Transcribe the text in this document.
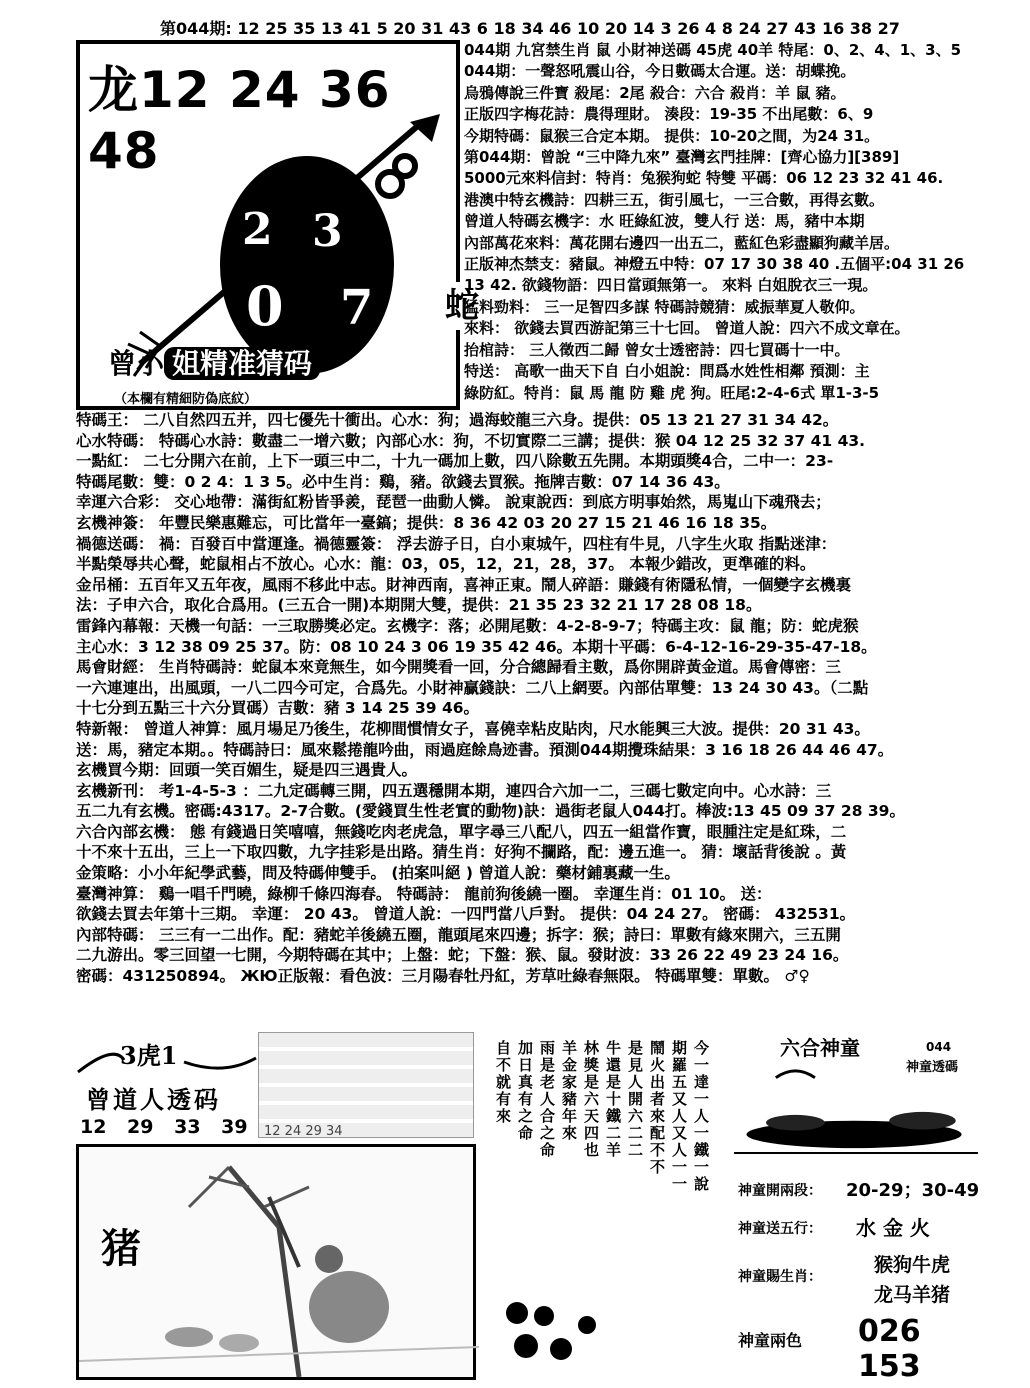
第044期: 12 25 35 13 41 5 20 31 43 6 18 34 46 10 20 14 3 26 4 8 24 27 43 16 38 27
龙12 24 36 48
蛇
2 3
0 7
曾小 姐精准猜码
（本欄有精細防偽底紋）
044期 九宮禁生肖 鼠 小財神送碼 45虎 40羊 特尾：0、2、4、1、3、5
044期：一聲怒吼震山谷，今日數碼太合運。送：胡蝶挽。
烏鴉傳說三件寶 殺尾：2尾 殺合：六合 殺肖：羊 鼠 豬。
正版四字梅花詩：農得理財。 湊段：19-35 不出尾數：6、9
今期特碼：鼠猴三合定本期。 提供：10-20之間，为24 31。
第044期：曾說 “三中降九來” 臺灣玄門挂牌：[齊心協力][389]
5000元來料信封：特肖：兔猴狗蛇 特雙 平碼：06 12 23 32 41 46.
港澳中特玄機詩：四耕三五，街引風七，一三合數，再得玄數。
曾道人特碼玄機字：水 旺綠紅波，雙人行 送：馬，豬中本期
內部萬花來料：萬花開右邊四一出五二，藍紅色彩盡顯狗藏羊居。
正版神杰禁支：豬鼠。神燈五中特：07 17 30 38 40 .五個平:04 31 26
13 42. 欲錢物語：四日當頭無第一。 來料 白姐脫衣三一現。
猛料勁料： 三一足智四多謀 特碼詩競猜：威振華夏人敬仰。
來料： 欲錢去買西游記第三十七回。 曾道人說：四六不成文章在。
抬棺詩： 三人徵西二歸 曾女士透密詩：四七買碼十一中。
特送： 高歌一曲天下自 白小姐說：問爲水姓性相鄰 預測：主
綠防紅。特肖：鼠 馬 龍 防 雞 虎 狗。旺尾:2-4-6式 單1-3-5
特碼王： 二八自然四五并，四七優先十衝出。心水：狗；過海蛟龍三六身。提供：05 13 21 27 31 34 42。
心水特碼： 特碼心水詩：數盡二一增六數；內部心水：狗，不切實際二三講；提供：猴 04 12 25 32 37 41 43.
一點紅： 二七分開六在前，上下一頭三中二，十九一碼加上數，四八除數五先開。本期頭獎4合，二中一：23-
特碼尾數：雙：0 2 4：1 3 5。必中生肖：鷄，豬。欲錢去買猴。拖牌吉數：07 14 36 43。
幸運六合彩： 交心地帶：滿街紅粉皆爭羨，琵琶一曲動人憐。 說東說西：到底方明事始然，馬嵬山下魂飛去；
玄機神簽： 年豐民樂惠難忘，可比當年一臺鎬；提供：8 36 42 03 20 27 15 21 46 16 18 35。
禍德送碼： 禍：百發百中當運逢。禍德靈簽： 浮去游子日，白小東城午，四柱有牛見，八字生火取 指點迷津：
半點榮辱共心聲，蛇鼠相占不放心。心水：龍：03，05，12，21，28，37。 本報少錯改，更準確的料。
金吊桶：五百年又五年夜，風雨不移此中志。財神西南，喜神正東。鬧人碎語：賺錢有術隱私情，一個變字玄機裏
法：子申六合，取化合爲用。(三五合一開)本期開大雙，提供：21 35 23 32 21 17 28 08 18。
雷鋒內幕報：天機一句話：一三取勝獎必定。玄機字：落；必開尾數：4-2-8-9-7；特碼主攻：鼠 龍；防：蛇虎猴
主心水：3 12 38 09 25 37。防：08 10 24 3 06 19 35 42 46。本期十平碼：6-4-12-16-29-35-47-18。
馬會財經： 生肖特碼詩：蛇鼠本來竟無生，如今開獎看一回，分合總歸看主數，爲你開辟黃金道。馬會傳密：三
一六連連出，出風頭，一八二四今可定，合爲先。小財神贏錢訣：二八上網要。內部估單雙：13 24 30 43。（二點
十七分到五點三十六分買碼）吉數：豬 3 14 25 39 46。
特新報： 曾道人神算：風月場足乃後生，花柳間慣情女子，喜僥幸粘皮貼肉，尺水能興三大波。提供：20 31 43。
送：馬，豬定本期。。特碼詩曰：風來鬆捲龍吟曲，雨過庭餘鳥迹書。預測044期攪珠結果：3 16 18 26 44 46 47。
玄機買今期：回頭一笑百媚生，疑是四三遇貴人。
玄機新刊： 考1-4-5-3 ：二九定碼轉三開，四五選穩開本期，連四合六加一二，三碼七數定向中。心水詩：三
五二九有玄機。密碼:4317。2-7合數。(愛錢買生性老實的動物)訣：過街老鼠人044打。棒波:13 45 09 37 28 39。
六合內部玄機： 態 有錢過日笑嘻嘻，無錢吃肉老虎急，單字尋三八配八，四五一組當作寶，眼腫注定是紅珠，二
十不來十五出，三上一下取四數，九字挂彩是出路。猜生肖：好狗不攔路，配：邊五進一。 猜：壞話背後說 。黃
金策略：小小年紀學武藝，問及特碼伸雙手。 (拍案叫絕 ) 曾道人說：藥材鋪裏藏一生。
臺灣神算： 鷄一唱千門曉，綠柳千條四海春。 特碼詩： 龍前狗後繞一圈。 幸運生肖：01 10。 送：
欲錢去買去年第十三期。 幸運： 20 43。 曾道人說：一四門當八戶對。 提供：04 24 27。 密碼： 432531。
內部特碼： 三三有一二出作。配：豬蛇羊後繞五圈，龍頭尾來四邊；拆字：猴；詩曰：單數有緣來開六，三五開
二九游出。零三回望一七開，今期特碼在其中；上盤：蛇；下盤：猴、鼠。發財波：33 26 22 49 23 24 16。
密碼：431250894。 ЖЮ正版報：看色波：三月陽春牡丹紅，芳草吐綠春無限。 特碼單雙：單數。 ♂♀
3虎1
曾道人透码
12 29 33 39 12 24 29 34
猪
今一達一人一鐵一說
期羅五又人又人一一
鬧火出者來配不不
是見人開六二二
牛還是十鐵二羊
林獎是六天四也
羊金家豬年來
雨是老人合之命
加日真有之命
自不就有來	六合神童	044
神童透碼
神童開兩段： 20-29；30-49
神童送五行： 水 金 火
神童賜生肖：
猴狗牛虎
龙马羊猪
神童兩色 026 153
